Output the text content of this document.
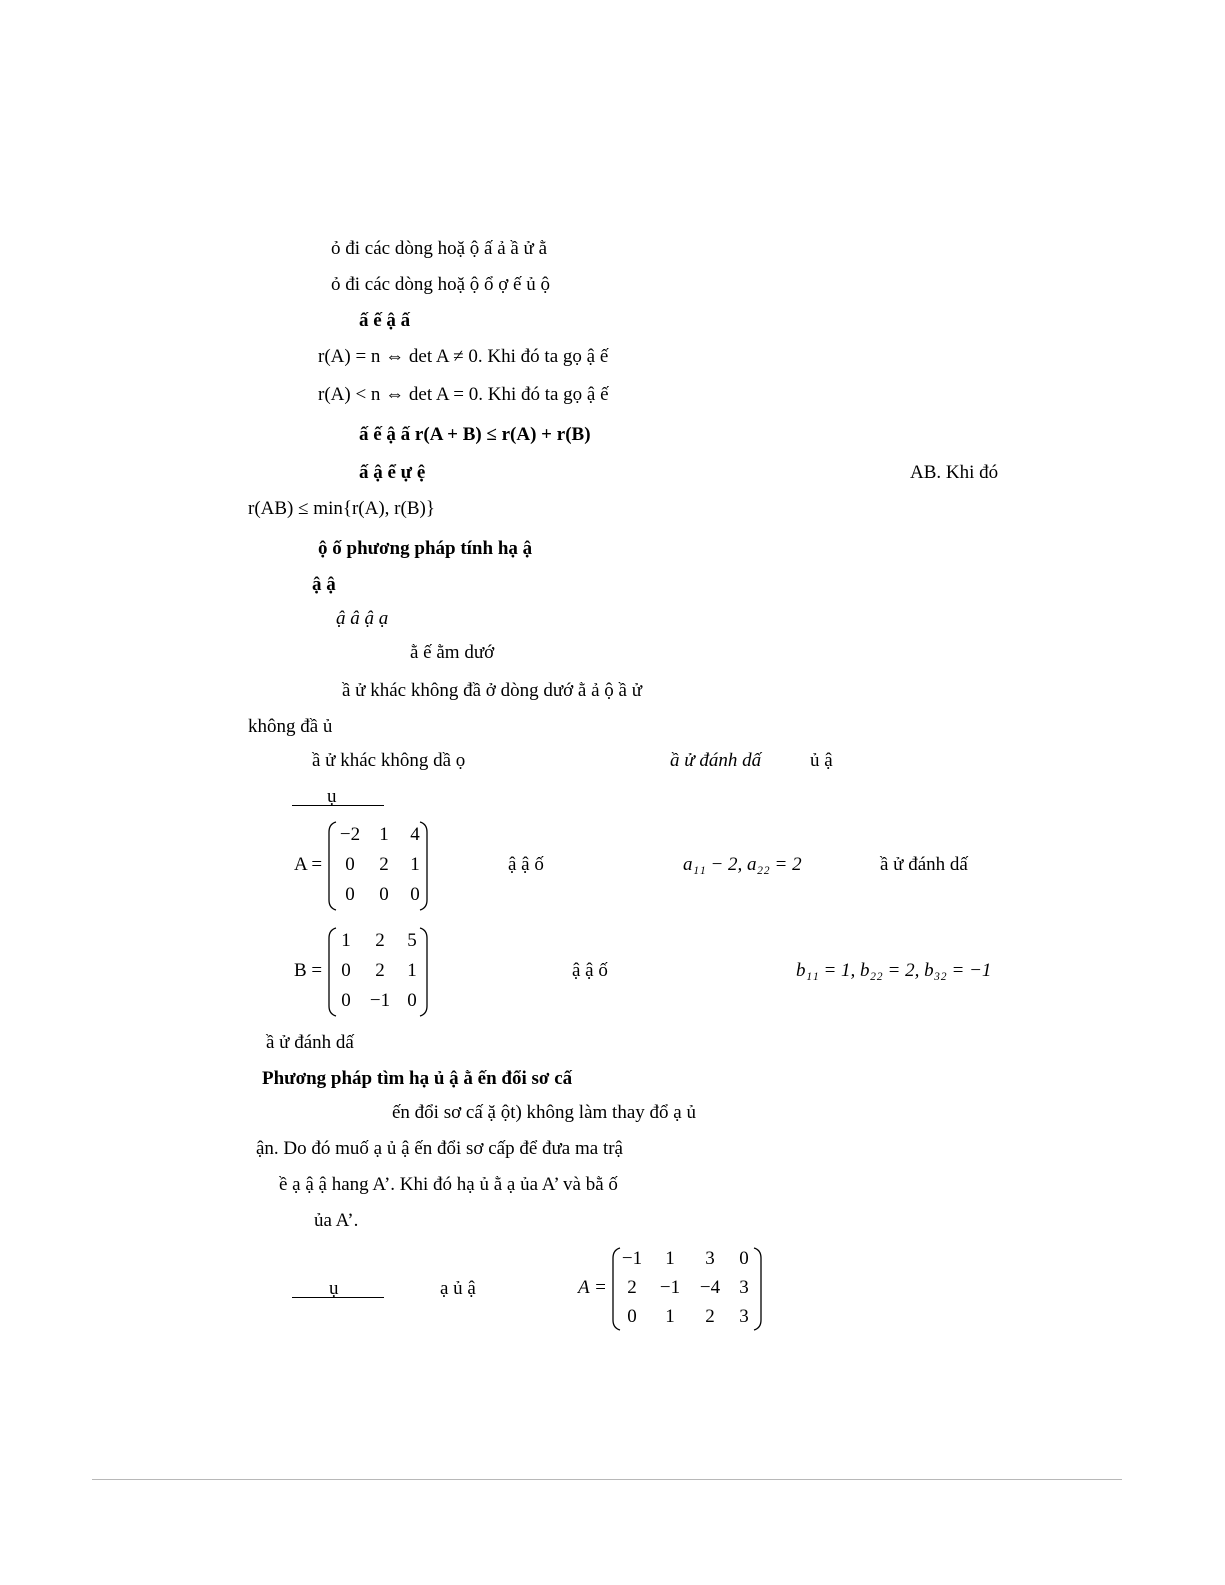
ỏ đi các dòng hoặ ộ ấ ả ầ ử ằ
ỏ đi các dòng hoặ ộ ổ ợ ế ủ ộ
ấ ế ậ ấ
r(A) = n ⇔ det A ≠ 0. Khi đó ta gọ ậ ế
r(A) < n ⇔ det A = 0. Khi đó ta gọ ậ ế
ấ ế ậ ấ r(A + B) ≤ r(A) + r(B)
ấ ậ ể ự ệ	AB. Khi đó
r(AB) ≤ min{r(A), r(B)}
ộ ố phương pháp tính hạ ậ
ậ ậ
ậ â ậ ạ
ằ ế ằm dướ
ầ ử khác không đầ ở dòng dướ ằ ả ộ ầ ử
không đầ ủ
ầ ử khác không dầ ọ	ầ ử đánh dấ	ủ ậ
ụ
A =
−2	1	4
0	2	1
0	0	0
ậ ậ ố	a₁₁ − 2, a₂₂ = 2	ầ ử đánh dấ
B =
1	2	5
0	2	1
0	−1 0
ậ ậ ố	b₁₁ = 1, b₂₂ = 2, b₃₂ = −1
ầ ử đánh dấ
Phương pháp tìm hạ ủ ậ ằ ến đổi sơ cấ
ến đổi sơ cấ ặ ột) không làm thay đổ ạ ủ
ận. Do đó muố ạ ủ ậ ến đổi sơ cấp để đưa ma trậ
ề ạ ậ ậ hang A’. Khi đó hạ ủ ằ ạ ủa A’ và bằ ố
ủa A’.
ụ	ạ ủ ậ	A =
−1	1	3	0
2	−1	−4	3
0	1	2	3
